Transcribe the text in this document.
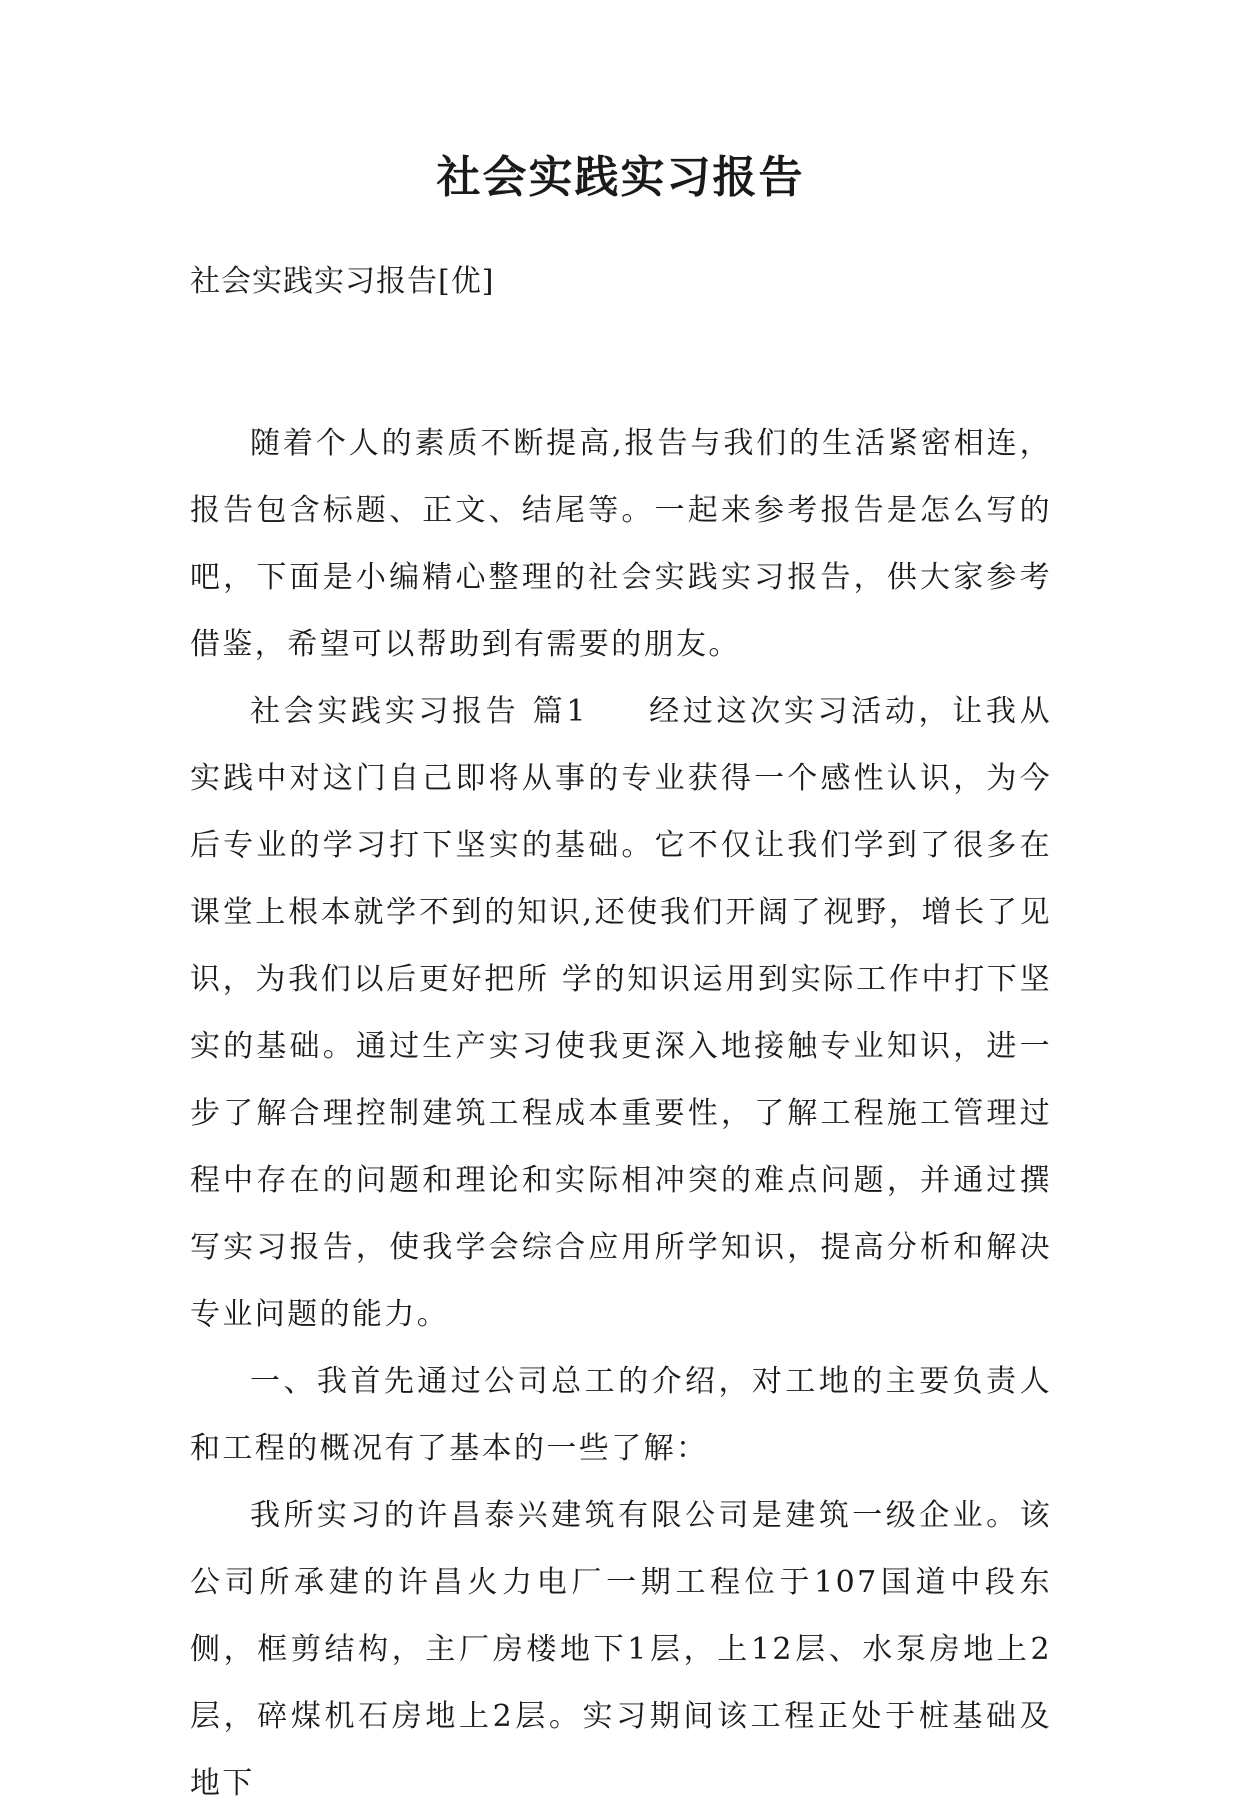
社会实践实习报告
社会实践实习报告[优]

随着个人的素质不断提高,报告与我们的生活紧密相连，报告包含标题、正文、结尾等。一起来参考报告是怎么写的吧，下面是小编精心整理的社会实践实习报告，供大家参考借鉴，希望可以帮助到有需要的朋友。

社会实践实习报告 篇1 经过这次实习活动，让我从实践中对这门自己即将从事的专业获得一个感性认识，为今后专业的学习打下坚实的基础。它不仅让我们学到了很多在课堂上根本就学不到的知识,还使我们开阔了视野，增长了见识，为我们以后更好把所 学的知识运用到实际工作中打下坚实的基础。通过生产实习使我更深入地接触专业知识，进一步了解合理控制建筑工程成本重要性，了解工程施工管理过程中存在的问题和理论和实际相冲突的难点问题，并通过撰写实习报告，使我学会综合应用所学知识，提高分析和解决专业问题的能力。

一、我首先通过公司总工的介绍，对工地的主要负责人和工程的概况有了基本的一些了解：

我所实习的许昌泰兴建筑有限公司是建筑一级企业。该公司所承建的许昌火力电厂一期工程位于107国道中段东侧，框剪结构，主厂房楼地下1层，上12层、水泵房地上2层，碎煤机石房地上2层。实习期间该工程正处于桩基础及地下
